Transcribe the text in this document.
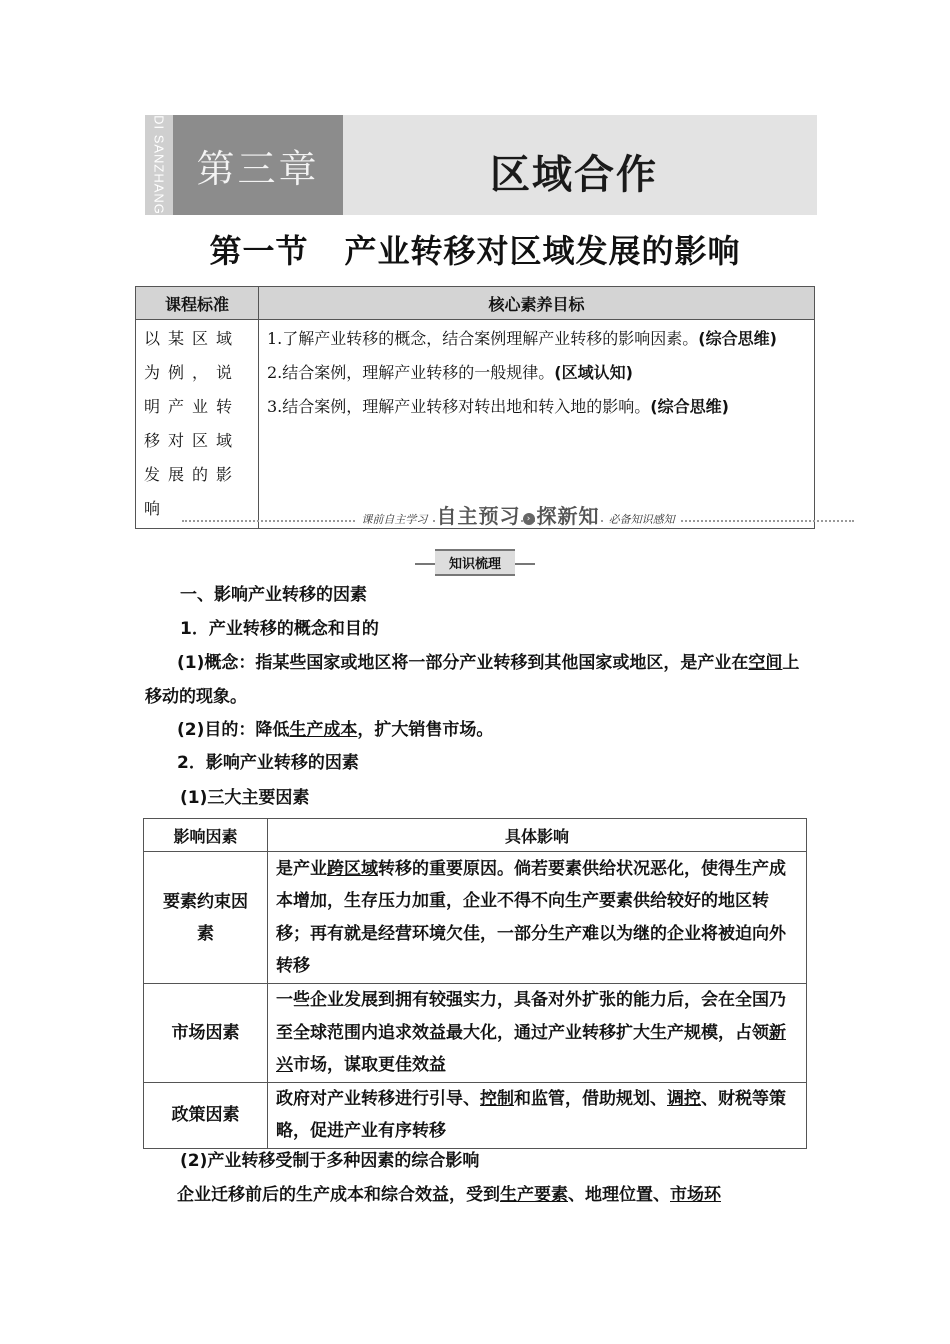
DI SANZHANG 第三章	区域合作
第一节 产业转移对区域发展的影响
课程标准	核心素养目标
以某区域为例，说明产业转移对区域发展的影响	1.了解产业转移的概念，结合案例理解产业转移的影响因素。(综合思维)
2.结合案例，理解产业转移的一般规律。(区域认知)
3.结合案例，理解产业转移对转出地和转入地的影响。(综合思维)
课前自主学习 自主预习 › 探新知 必备知识感知
知识梳理
一、影响产业转移的因素
1．产业转移的概念和目的
(1)概念：指某些国家或地区将一部分产业转移到其他国家或地区，是产业在空间上移动的现象。
(2)目的：降低生产成本，扩大销售市场。
2．影响产业转移的因素
(1)三大主要因素
影响因素	具体影响
要素约束因素	是产业跨区域转移的重要原因。倘若要素供给状况恶化，使得生产成本增加，生存压力加重，企业不得不向生产要素供给较好的地区转移；再有就是经营环境欠佳，一部分生产难以为继的企业将被迫向外转移
市场因素	一些企业发展到拥有较强实力，具备对外扩张的能力后，会在全国乃至全球范围内追求效益最大化，通过产业转移扩大生产规模，占领新兴市场，谋取更佳效益
政策因素	政府对产业转移进行引导、控制和监管，借助规划、调控、财税等策略，促进产业有序转移
(2)产业转移受制于多种因素的综合影响
企业迁移前后的生产成本和综合效益，受到生产要素、地理位置、市场环
